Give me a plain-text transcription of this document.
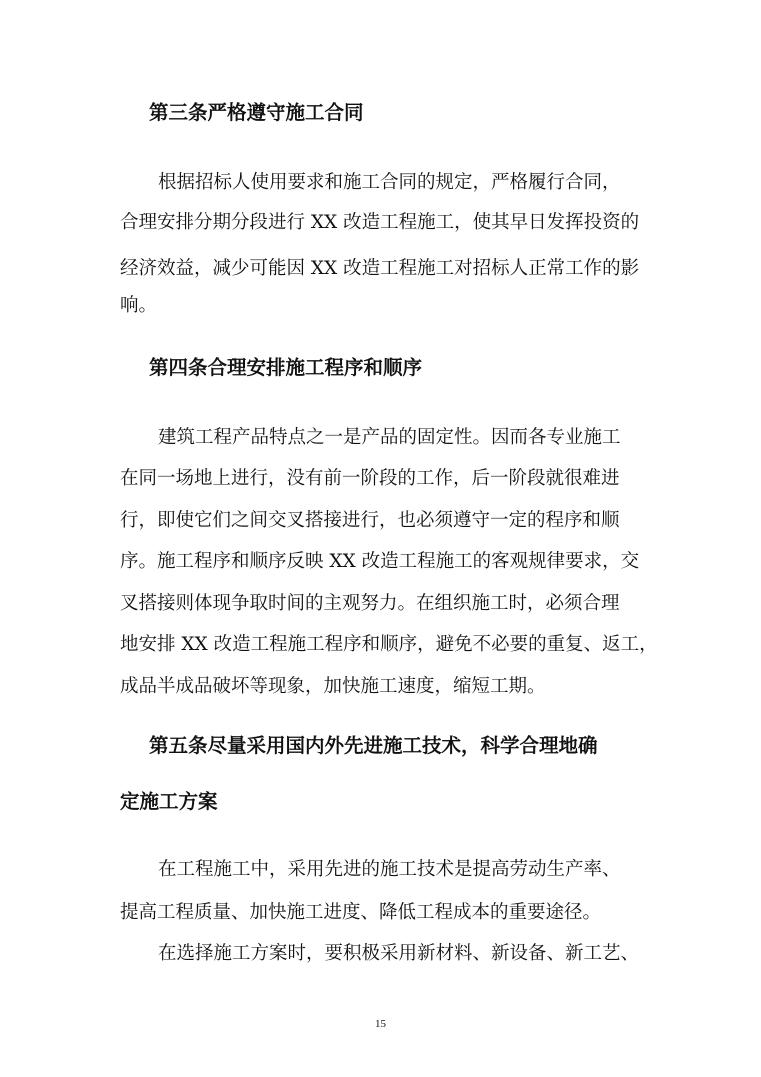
第三条严格遵守施工合同
根据招标人使用要求和施工合同的规定，严格履行合同，
合理安排分期分段进行 XX 改造工程施工，使其早日发挥投资的
经济效益，减少可能因 XX 改造工程施工对招标人正常工作的影
响。
第四条合理安排施工程序和顺序
建筑工程产品特点之一是产品的固定性。因而各专业施工
在同一场地上进行，没有前一阶段的工作，后一阶段就很难进
行，即使它们之间交叉搭接进行，也必须遵守一定的程序和顺
序。施工程序和顺序反映 XX 改造工程施工的客观规律要求，交
叉搭接则体现争取时间的主观努力。在组织施工时，必须合理
地安排 XX 改造工程施工程序和顺序，避免不必要的重复、返工，
成品半成品破坏等现象，加快施工速度，缩短工期。
第五条尽量采用国内外先进施工技术，科学合理地确
定施工方案
在工程施工中，采用先进的施工技术是提高劳动生产率、
提高工程质量、加快施工进度、降低工程成本的重要途径。
在选择施工方案时，要积极采用新材料、新设备、新工艺、
15
